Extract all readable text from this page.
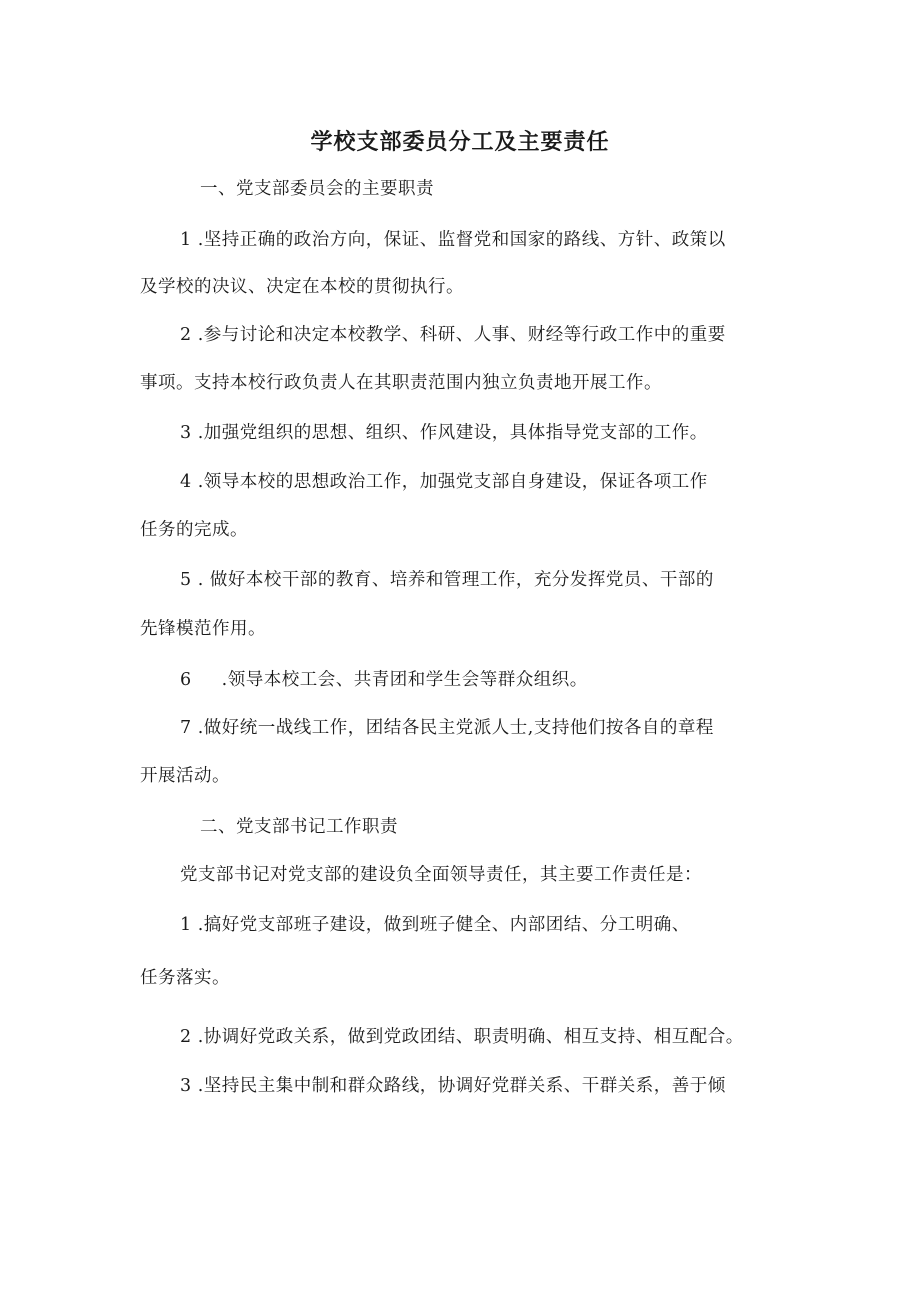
学校支部委员分工及主要责任
一、党支部委员会的主要职责
1 .坚持正确的政治方向，保证、监督党和国家的路线、方针、政策以
及学校的决议、决定在本校的贯彻执行。
2 .参与讨论和决定本校教学、科研、人事、财经等行政工作中的重要
事项。支持本校行政负责人在其职责范围内独立负责地开展工作。
3 .加强党组织的思想、组织、作风建设，具体指导党支部的工作。
4 .领导本校的思想政治工作，加强党支部自身建设，保证各项工作
任务的完成。
5 . 做好本校干部的教育、培养和管理工作，充分发挥党员、干部的
先锋模范作用。
6 .领导本校工会、共青团和学生会等群众组织。
7 .做好统一战线工作，团结各民主党派人士,支持他们按各自的章程
开展活动。
二、党支部书记工作职责
党支部书记对党支部的建设负全面领导责任，其主要工作责任是：
1 .搞好党支部班子建设，做到班子健全、内部团结、分工明确、
任务落实。
2 .协调好党政关系，做到党政团结、职责明确、相互支持、相互配合。
3 .坚持民主集中制和群众路线，协调好党群关系、干群关系，善于倾
